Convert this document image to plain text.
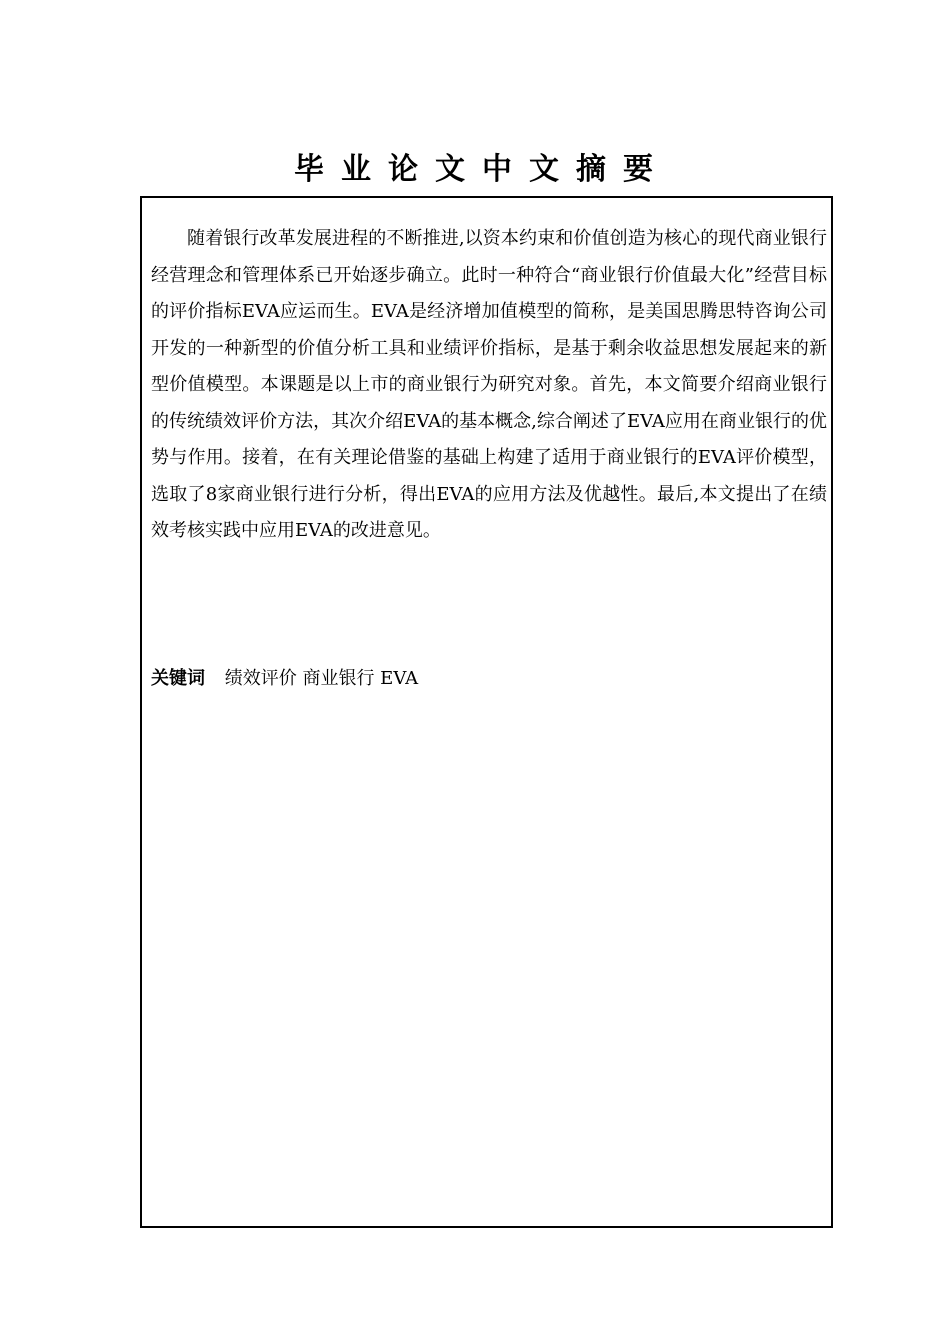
毕业论文中文摘要

随着银行改革发展进程的不断推进,以资本约束和价值创造为核心的现代商业银行经营理念和管理体系已开始逐步确立。此时一种符合“商业银行价值最大化”经营目标的评价指标EVA应运而生。EVA是经济增加值模型的简称，是美国思腾思特咨询公司开发的一种新型的价值分析工具和业绩评价指标，是基于剩余收益思想发展起来的新型价值模型。本课题是以上市的商业银行为研究对象。首先，本文简要介绍商业银行的传统绩效评价方法，其次介绍EVA的基本概念,综合阐述了EVA应用在商业银行的优势与作用。接着，在有关理论借鉴的基础上构建了适用于商业银行的EVA评价模型，选取了8家商业银行进行分析，得出EVA的应用方法及优越性。最后,本文提出了在绩效考核实践中应用EVA的改进意见。

关键词 绩效评价 商业银行 EVA
